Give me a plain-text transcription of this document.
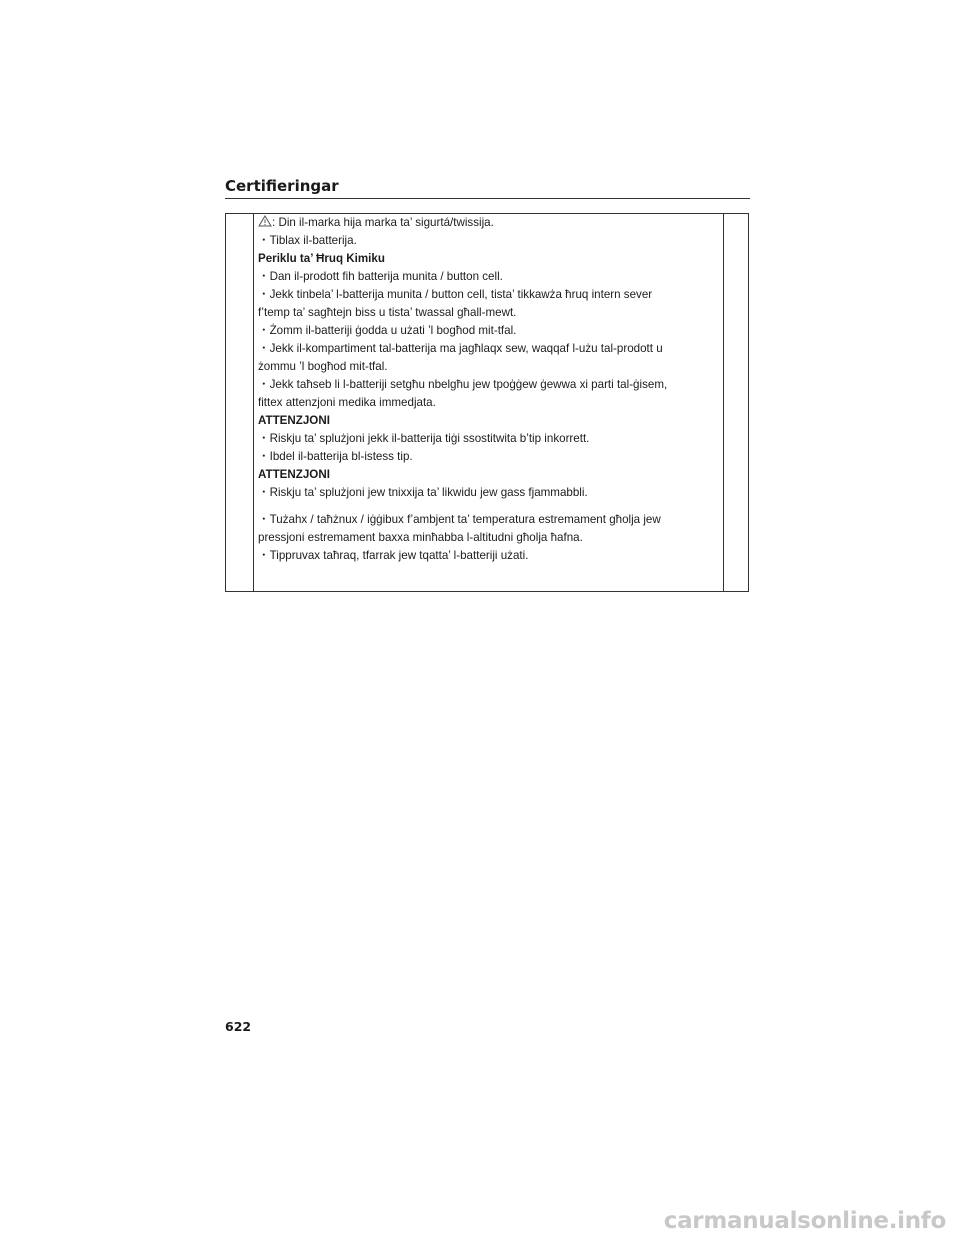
Certifieringar
: Din il-marka hija marka ta’ sigurtá/twissija.
・Tiblax il-batterija.
Periklu ta’ Ħruq Kimiku
・Dan il-prodott fih batterija munita / button cell.
・Jekk tinbela’ l-batterija munita / button cell, tista’ tikkawża ħruq intern sever
f’temp ta’ sagħtejn biss u tista’ twassal għall-mewt.
・Żomm il-batteriji ġodda u użati ’l bogħod mit-tfal.
・Jekk il-kompartiment tal-batterija ma jagħlaqx sew, waqqaf l-użu tal-prodott u
żommu ’l bogħod mit-tfal.
・Jekk taħseb li l-batteriji setgħu nbelgħu jew tpoġġew ġewwa xi parti tal-ġisem,
fittex attenzjoni medika immedjata.
ATTENZJONI
・Riskju ta’ splużjoni jekk il-batterija tiġi ssostitwita b’tip inkorrett.
・Ibdel il-batterija bl-istess tip.
ATTENZJONI
・Riskju ta’ splużjoni jew tnixxija ta’ likwidu jew gass fjammabbli.
・Tużahx / taħżnux / iġġibux f’ambjent ta’ temperatura estremament għolja jew
pressjoni estremament baxxa minħabba l-altitudni għolja ħafna.
・Tippruvax taħraq, tfarrak jew tqatta’ l-batteriji użati.
622
carmanualsonline.info
